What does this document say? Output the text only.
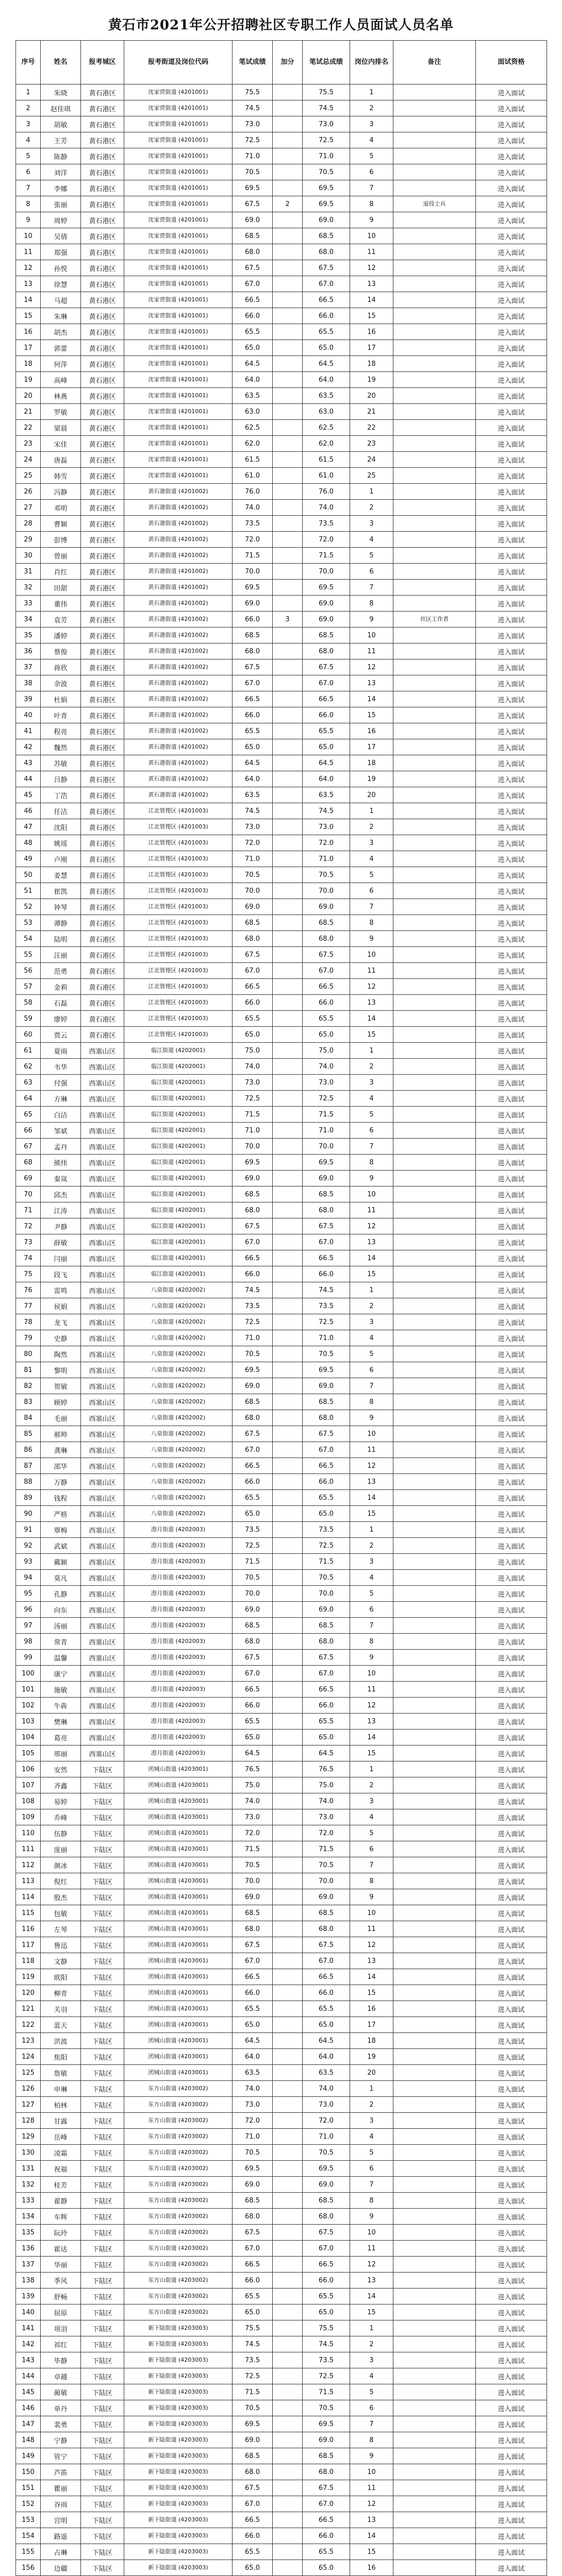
黄石市2021年公开招聘社区专职工作人员面试人员名单
序号	姓名	报考城区	报考街道及岗位代码	笔试成绩	加分	笔试总成绩	岗位内排名	备注	面试资格
1	朱晓	黄石港区	沈家营街道 (4201001)	75.5		75.5	1		进入面试
2	赵佳琪	黄石港区	沈家营街道 (4201001)	74.5		74.5	2		进入面试
3	胡敏	黄石港区	沈家营街道 (4201001)	73.0		73.0	3		进入面试
4	王芳	黄石港区	沈家营街道 (4201001)	72.5		72.5	4		进入面试
5	陈静	黄石港区	沈家营街道 (4201001)	71.0		71.0	5		进入面试
6	刘洋	黄石港区	沈家营街道 (4201001)	70.5		70.5	6		进入面试
7	李娜	黄石港区	沈家营街道 (4201001)	69.5		69.5	7		进入面试
8	张丽	黄石港区	沈家营街道 (4201001)	67.5	2	69.5	8	退役士兵	进入面试
9	周婷	黄石港区	沈家营街道 (4201001)	69.0		69.0	9		进入面试
10	吴倩	黄石港区	沈家营街道 (4201001)	68.5		68.5	10		进入面试
11	郑强	黄石港区	沈家营街道 (4201001)	68.0		68.0	11		进入面试
12	孙悦	黄石港区	沈家营街道 (4201001)	67.5		67.5	12		进入面试
13	徐慧	黄石港区	沈家营街道 (4201001)	67.0		67.0	13		进入面试
14	马超	黄石港区	沈家营街道 (4201001)	66.5		66.5	14		进入面试
15	朱琳	黄石港区	沈家营街道 (4201001)	66.0		66.0	15		进入面试
16	胡杰	黄石港区	沈家营街道 (4201001)	65.5		65.5	16		进入面试
17	郭蕾	黄石港区	沈家营街道 (4201001)	65.0		65.0	17		进入面试
18	何萍	黄石港区	沈家营街道 (4201001)	64.5		64.5	18		进入面试
19	高峰	黄石港区	沈家营街道 (4201001)	64.0		64.0	19		进入面试
20	林燕	黄石港区	沈家营街道 (4201001)	63.5		63.5	20		进入面试
21	罗敏	黄石港区	沈家营街道 (4201001)	63.0		63.0	21		进入面试
22	梁晨	黄石港区	沈家营街道 (4201001)	62.5		62.5	22		进入面试
23	宋佳	黄石港区	沈家营街道 (4201001)	62.0		62.0	23		进入面试
24	唐磊	黄石港区	沈家营街道 (4201001)	61.5		61.5	24		进入面试
25	韩雪	黄石港区	沈家营街道 (4201001)	61.0		61.0	25		进入面试
26	冯静	黄石港区	黄石港街道 (4201002)	76.0		76.0	1		进入面试
27	邓明	黄石港区	黄石港街道 (4201002)	74.0		74.0	2		进入面试
28	曹颖	黄石港区	黄石港街道 (4201002)	73.5		73.5	3		进入面试
29	彭博	黄石港区	黄石港街道 (4201002)	72.0		72.0	4		进入面试
30	曾丽	黄石港区	黄石港街道 (4201002)	71.5		71.5	5		进入面试
31	肖红	黄石港区	黄石港街道 (4201002)	70.0		70.0	6		进入面试
32	田甜	黄石港区	黄石港街道 (4201002)	69.5		69.5	7		进入面试
33	董伟	黄石港区	黄石港街道 (4201002)	69.0		69.0	8		进入面试
34	袁芳	黄石港区	黄石港街道 (4201002)	66.0	3	69.0	9	社区工作者	进入面试
35	潘婷	黄石港区	黄石港街道 (4201002)	68.5		68.5	10		进入面试
36	蔡俊	黄石港区	黄石港街道 (4201002)	68.0		68.0	11		进入面试
37	蒋欣	黄石港区	黄石港街道 (4201002)	67.5		67.5	12		进入面试
38	余波	黄石港区	黄石港街道 (4201002)	67.0		67.0	13		进入面试
39	杜娟	黄石港区	黄石港街道 (4201002)	66.5		66.5	14		进入面试
40	叶青	黄石港区	黄石港街道 (4201002)	66.0		66.0	15		进入面试
41	程亮	黄石港区	黄石港街道 (4201002)	65.5		65.5	16		进入面试
42	魏然	黄石港区	黄石港街道 (4201002)	65.0		65.0	17		进入面试
43	苏敏	黄石港区	黄石港街道 (4201002)	64.5		64.5	18		进入面试
44	吕静	黄石港区	黄石港街道 (4201002)	64.0		64.0	19		进入面试
45	丁浩	黄石港区	黄石港街道 (4201002)	63.5		63.5	20		进入面试
46	任洁	黄石港区	江北管理区 (4201003)	74.5		74.5	1		进入面试
47	沈阳	黄石港区	江北管理区 (4201003)	73.0		73.0	2		进入面试
48	姚瑶	黄石港区	江北管理区 (4201003)	72.0		72.0	3		进入面试
49	卢刚	黄石港区	江北管理区 (4201003)	71.0		71.0	4		进入面试
50	姜慧	黄石港区	江北管理区 (4201003)	70.5		70.5	5		进入面试
51	崔凯	黄石港区	江北管理区 (4201003)	70.0		70.0	6		进入面试
52	钟琴	黄石港区	江北管理区 (4201003)	69.0		69.0	7		进入面试
53	谭静	黄石港区	江北管理区 (4201003)	68.5		68.5	8		进入面试
54	陆明	黄石港区	江北管理区 (4201003)	68.0		68.0	9		进入面试
55	汪丽	黄石港区	江北管理区 (4201003)	67.5		67.5	10		进入面试
56	范勇	黄石港区	江北管理区 (4201003)	67.0		67.0	11		进入面试
57	金莉	黄石港区	江北管理区 (4201003)	66.5		66.5	12		进入面试
58	石磊	黄石港区	江北管理区 (4201003)	66.0		66.0	13		进入面试
59	廖婷	黄石港区	江北管理区 (4201003)	65.5		65.5	14		进入面试
60	贾云	黄石港区	江北管理区 (4201003)	65.0		65.0	15		进入面试
61	夏雨	西塞山区	临江街道 (4202001)	75.0		75.0	1		进入面试
62	韦华	西塞山区	临江街道 (4202001)	74.0		74.0	2		进入面试
63	付强	西塞山区	临江街道 (4202001)	73.0		73.0	3		进入面试
64	方琳	西塞山区	临江街道 (4202001)	72.5		72.5	4		进入面试
65	白洁	西塞山区	临江街道 (4202001)	71.5		71.5	5		进入面试
66	邹斌	西塞山区	临江街道 (4202001)	71.0		71.0	6		进入面试
67	孟丹	西塞山区	临江街道 (4202001)	70.0		70.0	7		进入面试
68	熊伟	西塞山区	临江街道 (4202001)	69.5		69.5	8		进入面试
69	秦岚	西塞山区	临江街道 (4202001)	69.0		69.0	9		进入面试
70	邱杰	西塞山区	临江街道 (4202001)	68.5		68.5	10		进入面试
71	江涛	西塞山区	临江街道 (4202001)	68.0		68.0	11		进入面试
72	尹静	西塞山区	临江街道 (4202001)	67.5		67.5	12		进入面试
73	薛敏	西塞山区	临江街道 (4202001)	67.0		67.0	13		进入面试
74	闫丽	西塞山区	临江街道 (4202001)	66.5		66.5	14		进入面试
75	段飞	西塞山区	临江街道 (4202001)	66.0		66.0	15		进入面试
76	雷鸣	西塞山区	八泉街道 (4202002)	74.5		74.5	1		进入面试
77	侯娟	西塞山区	八泉街道 (4202002)	73.5		73.5	2		进入面试
78	龙飞	西塞山区	八泉街道 (4202002)	72.5		72.5	3		进入面试
79	史静	西塞山区	八泉街道 (4202002)	71.0		71.0	4		进入面试
80	陶然	西塞山区	八泉街道 (4202002)	70.5		70.5	5		进入面试
81	黎明	西塞山区	八泉街道 (4202002)	69.5		69.5	6		进入面试
82	贺敏	西塞山区	八泉街道 (4202002)	69.0		69.0	7		进入面试
83	顾婷	西塞山区	八泉街道 (4202002)	68.5		68.5	8		进入面试
84	毛丽	西塞山区	八泉街道 (4202002)	68.0		68.0	9		进入面试
85	郝帅	西塞山区	八泉街道 (4202002)	67.5		67.5	10		进入面试
86	龚琳	西塞山区	八泉街道 (4202002)	67.0		67.0	11		进入面试
87	邵华	西塞山区	八泉街道 (4202002)	66.5		66.5	12		进入面试
88	万静	西塞山区	八泉街道 (4202002)	66.0		66.0	13		进入面试
89	钱程	西塞山区	八泉街道 (4202002)	65.5		65.5	14		进入面试
90	严格	西塞山区	八泉街道 (4202002)	65.0		65.0	15		进入面试
91	覃梅	西塞山区	澄月街道 (4202003)	73.5		73.5	1		进入面试
92	武斌	西塞山区	澄月街道 (4202003)	72.5		72.5	2		进入面试
93	戴颖	西塞山区	澄月街道 (4202003)	71.5		71.5	3		进入面试
94	莫凡	西塞山区	澄月街道 (4202003)	70.5		70.5	4		进入面试
95	孔静	西塞山区	澄月街道 (4202003)	70.0		70.0	5		进入面试
96	向东	西塞山区	澄月街道 (4202003)	69.0		69.0	6		进入面试
97	汤丽	西塞山区	澄月街道 (4202003)	68.5		68.5	7		进入面试
98	常青	西塞山区	澄月街道 (4202003)	68.0		68.0	8		进入面试
99	温馨	西塞山区	澄月街道 (4202003)	67.5		67.5	9		进入面试
100	康宁	西塞山区	澄月街道 (4202003)	67.0		67.0	10		进入面试
101	施敏	西塞山区	澄月街道 (4202003)	66.5		66.5	11		进入面试
102	牛犇	西塞山区	澄月街道 (4202003)	66.0		66.0	12		进入面试
103	樊琳	西塞山区	澄月街道 (4202003)	65.5		65.5	13		进入面试
104	葛亮	西塞山区	澄月街道 (4202003)	65.0		65.0	14		进入面试
105	邢丽	西塞山区	澄月街道 (4202003)	64.5		64.5	15		进入面试
106	安然	下陆区	团城山街道 (4203001)	76.5		76.5	1		进入面试
107	齐鑫	下陆区	团城山街道 (4203001)	75.0		75.0	2		进入面试
108	易婷	下陆区	团城山街道 (4203001)	74.0		74.0	3		进入面试
109	乔峰	下陆区	团城山街道 (4203001)	73.0		73.0	4		进入面试
110	伍静	下陆区	团城山街道 (4203001)	72.0		72.0	5		进入面试
111	庞丽	下陆区	团城山街道 (4203001)	71.5		71.5	6		进入面试
112	颜冰	下陆区	团城山街道 (4203001)	70.5		70.5	7		进入面试
113	倪红	下陆区	团城山街道 (4203001)	70.0		70.0	8		进入面试
114	殷杰	下陆区	团城山街道 (4203001)	69.0		69.0	9		进入面试
115	包敏	下陆区	团城山街道 (4203001)	68.5		68.5	10		进入面试
116	左琴	下陆区	团城山街道 (4203001)	68.0		68.0	11		进入面试
117	鲁迅	下陆区	团城山街道 (4203001)	67.5		67.5	12		进入面试
118	文静	下陆区	团城山街道 (4203001)	67.0		67.0	13		进入面试
119	欧阳	下陆区	团城山街道 (4203001)	66.5		66.5	14		进入面试
120	柳青	下陆区	团城山街道 (4203001)	66.0		66.0	15		进入面试
121	关羽	下陆区	团城山街道 (4203001)	65.5		65.5	16		进入面试
122	蓝天	下陆区	团城山街道 (4203001)	65.0		65.0	17		进入面试
123	洪波	下陆区	团城山街道 (4203001)	64.5		64.5	18		进入面试
124	焦阳	下陆区	团城山街道 (4203001)	64.0		64.0	19		进入面试
125	詹敏	下陆区	团城山街道 (4203001)	63.5		63.5	20		进入面试
126	申琳	下陆区	东方山街道 (4203002)	74.0		74.0	1		进入面试
127	柏林	下陆区	东方山街道 (4203002)	73.0		73.0	2		进入面试
128	甘露	下陆区	东方山街道 (4203002)	72.0		72.0	3		进入面试
129	岳峰	下陆区	东方山街道 (4203002)	71.0		71.0	4		进入面试
130	凌霜	下陆区	东方山街道 (4203002)	70.5		70.5	5		进入面试
131	祝福	下陆区	东方山街道 (4203002)	69.5		69.5	6		进入面试
132	桂芳	下陆区	东方山街道 (4203002)	69.0		69.0	7		进入面试
133	翟静	下陆区	东方山街道 (4203002)	68.5		68.5	8		进入面试
134	车辉	下陆区	东方山街道 (4203002)	68.0		68.0	9		进入面试
135	阮玲	下陆区	东方山街道 (4203002)	67.5		67.5	10		进入面试
136	霍达	下陆区	东方山街道 (4203002)	67.0		67.0	11		进入面试
137	华丽	下陆区	东方山街道 (4203002)	66.5		66.5	12		进入面试
138	季风	下陆区	东方山街道 (4203002)	66.0		66.0	13		进入面试
139	舒畅	下陆区	东方山街道 (4203002)	65.5		65.5	14		进入面试
140	屈原	下陆区	东方山街道 (4203002)	65.0		65.0	15		进入面试
141	项羽	下陆区	新下陆街道 (4203003)	75.5		75.5	1		进入面试
142	祁红	下陆区	新下陆街道 (4203003)	74.5		74.5	2		进入面试
143	毕静	下陆区	新下陆街道 (4203003)	73.5		73.5	3		进入面试
144	卓越	下陆区	新下陆街道 (4203003)	72.5		72.5	4		进入面试
145	蔺敏	下陆区	新下陆街道 (4203003)	71.5		71.5	5		进入面试
146	单丹	下陆区	新下陆街道 (4203003)	70.5		70.5	6		进入面试
147	裴勇	下陆区	新下陆街道 (4203003)	69.5		69.5	7		进入面试
148	宁静	下陆区	新下陆街道 (4203003)	69.0		69.0	8		进入面试
149	管宁	下陆区	新下陆街道 (4203003)	68.5		68.5	9		进入面试
150	芦笛	下陆区	新下陆街道 (4203003)	68.0		68.0	10		进入面试
151	瞿丽	下陆区	新下陆街道 (4203003)	67.5		67.5	11		进入面试
152	谷雨	下陆区	新下陆街道 (4203003)	67.0		67.0	12		进入面试
153	宫明	下陆区	新下陆街道 (4203003)	66.5		66.5	13		进入面试
154	路遥	下陆区	新下陆街道 (4203003)	66.0		66.0	14		进入面试
155	占琳	下陆区	新下陆街道 (4203003)	65.5		65.5	15		进入面试
156	边疆	下陆区	新下陆街道 (4203003)	65.0		65.0	16		进入面试
